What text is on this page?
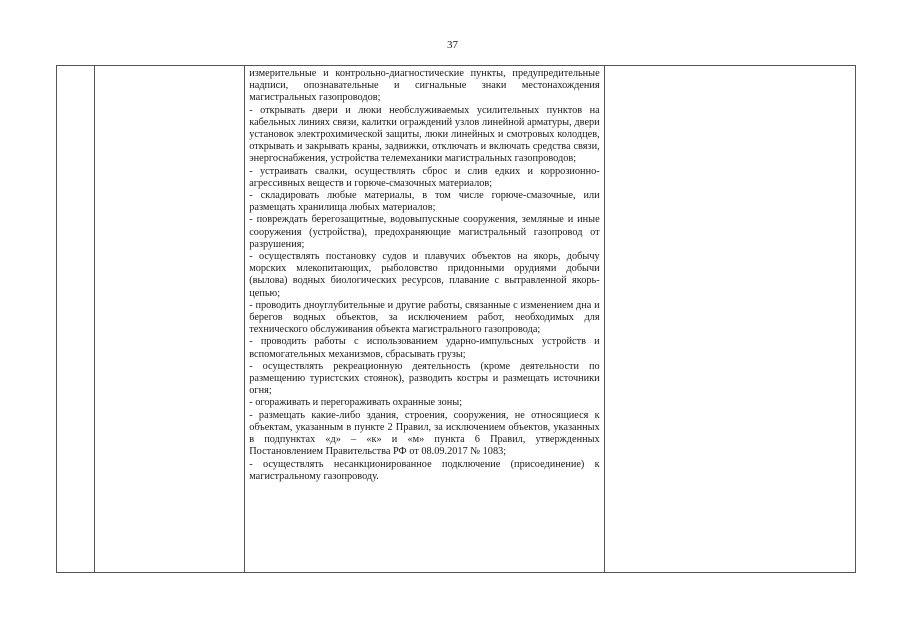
37

измерительные и контрольно-диагностические пункты, предупредительные надписи, опознавательные и сигнальные знаки местонахождения магистральных газопроводов;

- открывать двери и люки необслуживаемых усилительных пунктов на кабельных линиях связи, калитки ограждений узлов линейной арматуры, двери установок электрохимической защиты, люки линейных и смотровых колодцев, открывать и закрывать краны, задвижки, отключать и включать средства связи, энергоснабжения, устройства телемеханики магистральных газопроводов;

- устраивать свалки, осуществлять сброс и слив едких и коррозионно-агрессивных веществ и горюче-смазочных материалов;

- складировать любые материалы, в том числе горюче-смазочные, или размещать хранилища любых материалов;

- повреждать берегозащитные, водовыпускные сооружения, земляные и иные сооружения (устройства), предохраняющие магистральный газопровод от разрушения;

- осуществлять постановку судов и плавучих объектов на якорь, добычу морских млекопитающих, рыболовство придонными орудиями добычи (вылова) водных биологических ресурсов, плавание с вытравленной якорь-цепью;

- проводить дноуглубительные и другие работы, связанные с изменением дна и берегов водных объектов, за исключением работ, необходимых для технического обслуживания объекта магистрального газопровода;

- проводить работы с использованием ударно-импульсных устройств и вспомогательных механизмов, сбрасывать грузы;

- осуществлять рекреационную деятельность (кроме деятельности по размещению туристских стоянок), разводить костры и размещать источники огня;

- огораживать и перегораживать охранные зоны;

- размещать какие-либо здания, строения, сооружения, не относящиеся к объектам, указанным в пункте 2 Правил, за исключением объектов, указанных в подпунктах «д» – «к» и «м» пункта 6 Правил, утвержденных Постановлением Правительства РФ от 08.09.2017 № 1083;

- осуществлять несанкционированное подключение (присоединение) к магистральному газопроводу.
